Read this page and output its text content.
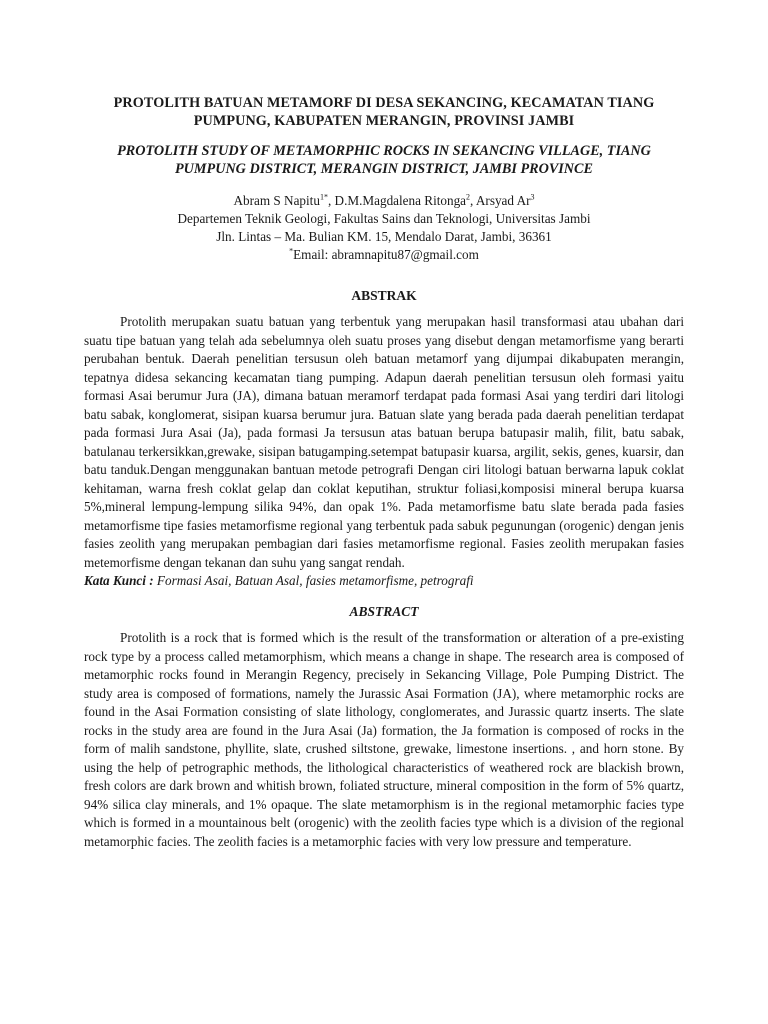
PROTOLITH BATUAN METAMORF DI DESA SEKANCING, KECAMATAN TIANG PUMPUNG, KABUPATEN MERANGIN, PROVINSI JAMBI
PROTOLITH STUDY OF METAMORPHIC ROCKS IN SEKANCING VILLAGE, TIANG PUMPUNG DISTRICT, MERANGIN DISTRICT, JAMBI PROVINCE
Abram S Napitu$^{1*}$, D.M.Magdalena Ritonga$^2$, Arsyad Ar$^3$
Departemen Teknik Geologi, Fakultas Sains dan Teknologi, Universitas Jambi
Jln. Lintas – Ma. Bulian KM. 15, Mendalo Darat, Jambi, 36361
*Email: abramnapitu87@gmail.com
ABSTRAK

Protolith merupakan suatu batuan yang terbentuk yang merupakan hasil transformasi atau ubahan dari suatu tipe batuan yang telah ada sebelumnya oleh suatu proses yang disebut dengan metamorfisme yang berarti perubahan bentuk. Daerah penelitian tersusun oleh batuan metamorf yang dijumpai dikabupaten merangin, tepatnya didesa sekancing kecamatan tiang pumping. Adapun daerah penelitian tersusun oleh formasi yaitu formasi Asai berumur Jura (JA), dimana batuan meramorf terdapat pada formasi Asai yang terdiri dari litologi batu sabak, konglomerat, sisipan kuarsa berumur jura. Batuan slate yang berada pada daerah penelitian terdapat pada formasi Jura Asai (Ja), pada formasi Ja tersusun atas batuan berupa batupasir malih, filit, batu sabak, batulanau terkersikkan,grewake, sisipan batugamping.setempat batupasir kuarsa, argilit, sekis, genes, kuarsir, dan batu tanduk.Dengan menggunakan bantuan metode petrografi Dengan ciri litologi batuan berwarna lapuk coklat kehitaman, warna fresh coklat gelap dan coklat keputihan, struktur foliasi,komposisi mineral berupa kuarsa 5%,mineral lempung-lempung silika 94%, dan opak 1%. Pada metamorfisme batu slate berada pada fasies metamorfisme tipe fasies metamorfisme regional yang terbentuk pada sabuk pegunungan (orogenic) dengan jenis fasies zeolith yang merupakan pembagian dari fasies metamorfisme regional. Fasies zeolith merupakan fasies metemorfisme dengan tekanan dan suhu yang sangat rendah.

Kata Kunci : Formasi Asai, Batuan Asal, fasies metamorfisme, petrografi

ABSTRACT

Protolith is a rock that is formed which is the result of the transformation or alteration of a pre-existing rock type by a process called metamorphism, which means a change in shape. The research area is composed of metamorphic rocks found in Merangin Regency, precisely in Sekancing Village, Pole Pumping District. The study area is composed of formations, namely the Jurassic Asai Formation (JA), where metamorphic rocks are found in the Asai Formation consisting of slate lithology, conglomerates, and Jurassic quartz inserts. The slate rocks in the study area are found in the Jura Asai (Ja) formation, the Ja formation is composed of rocks in the form of malih sandstone, phyllite, slate, crushed siltstone, grewake, limestone insertions. , and horn stone. By using the help of petrographic methods, the lithological characteristics of weathered rock are blackish brown, fresh colors are dark brown and whitish brown, foliated structure, mineral composition in the form of 5% quartz, 94% silica clay minerals, and 1% opaque. The slate metamorphism is in the regional metamorphic facies type which is formed in a mountainous belt (orogenic) with the zeolith facies type which is a division of the regional metamorphic facies. The zeolith facies is a metamorphic facies with very low pressure and temperature.
